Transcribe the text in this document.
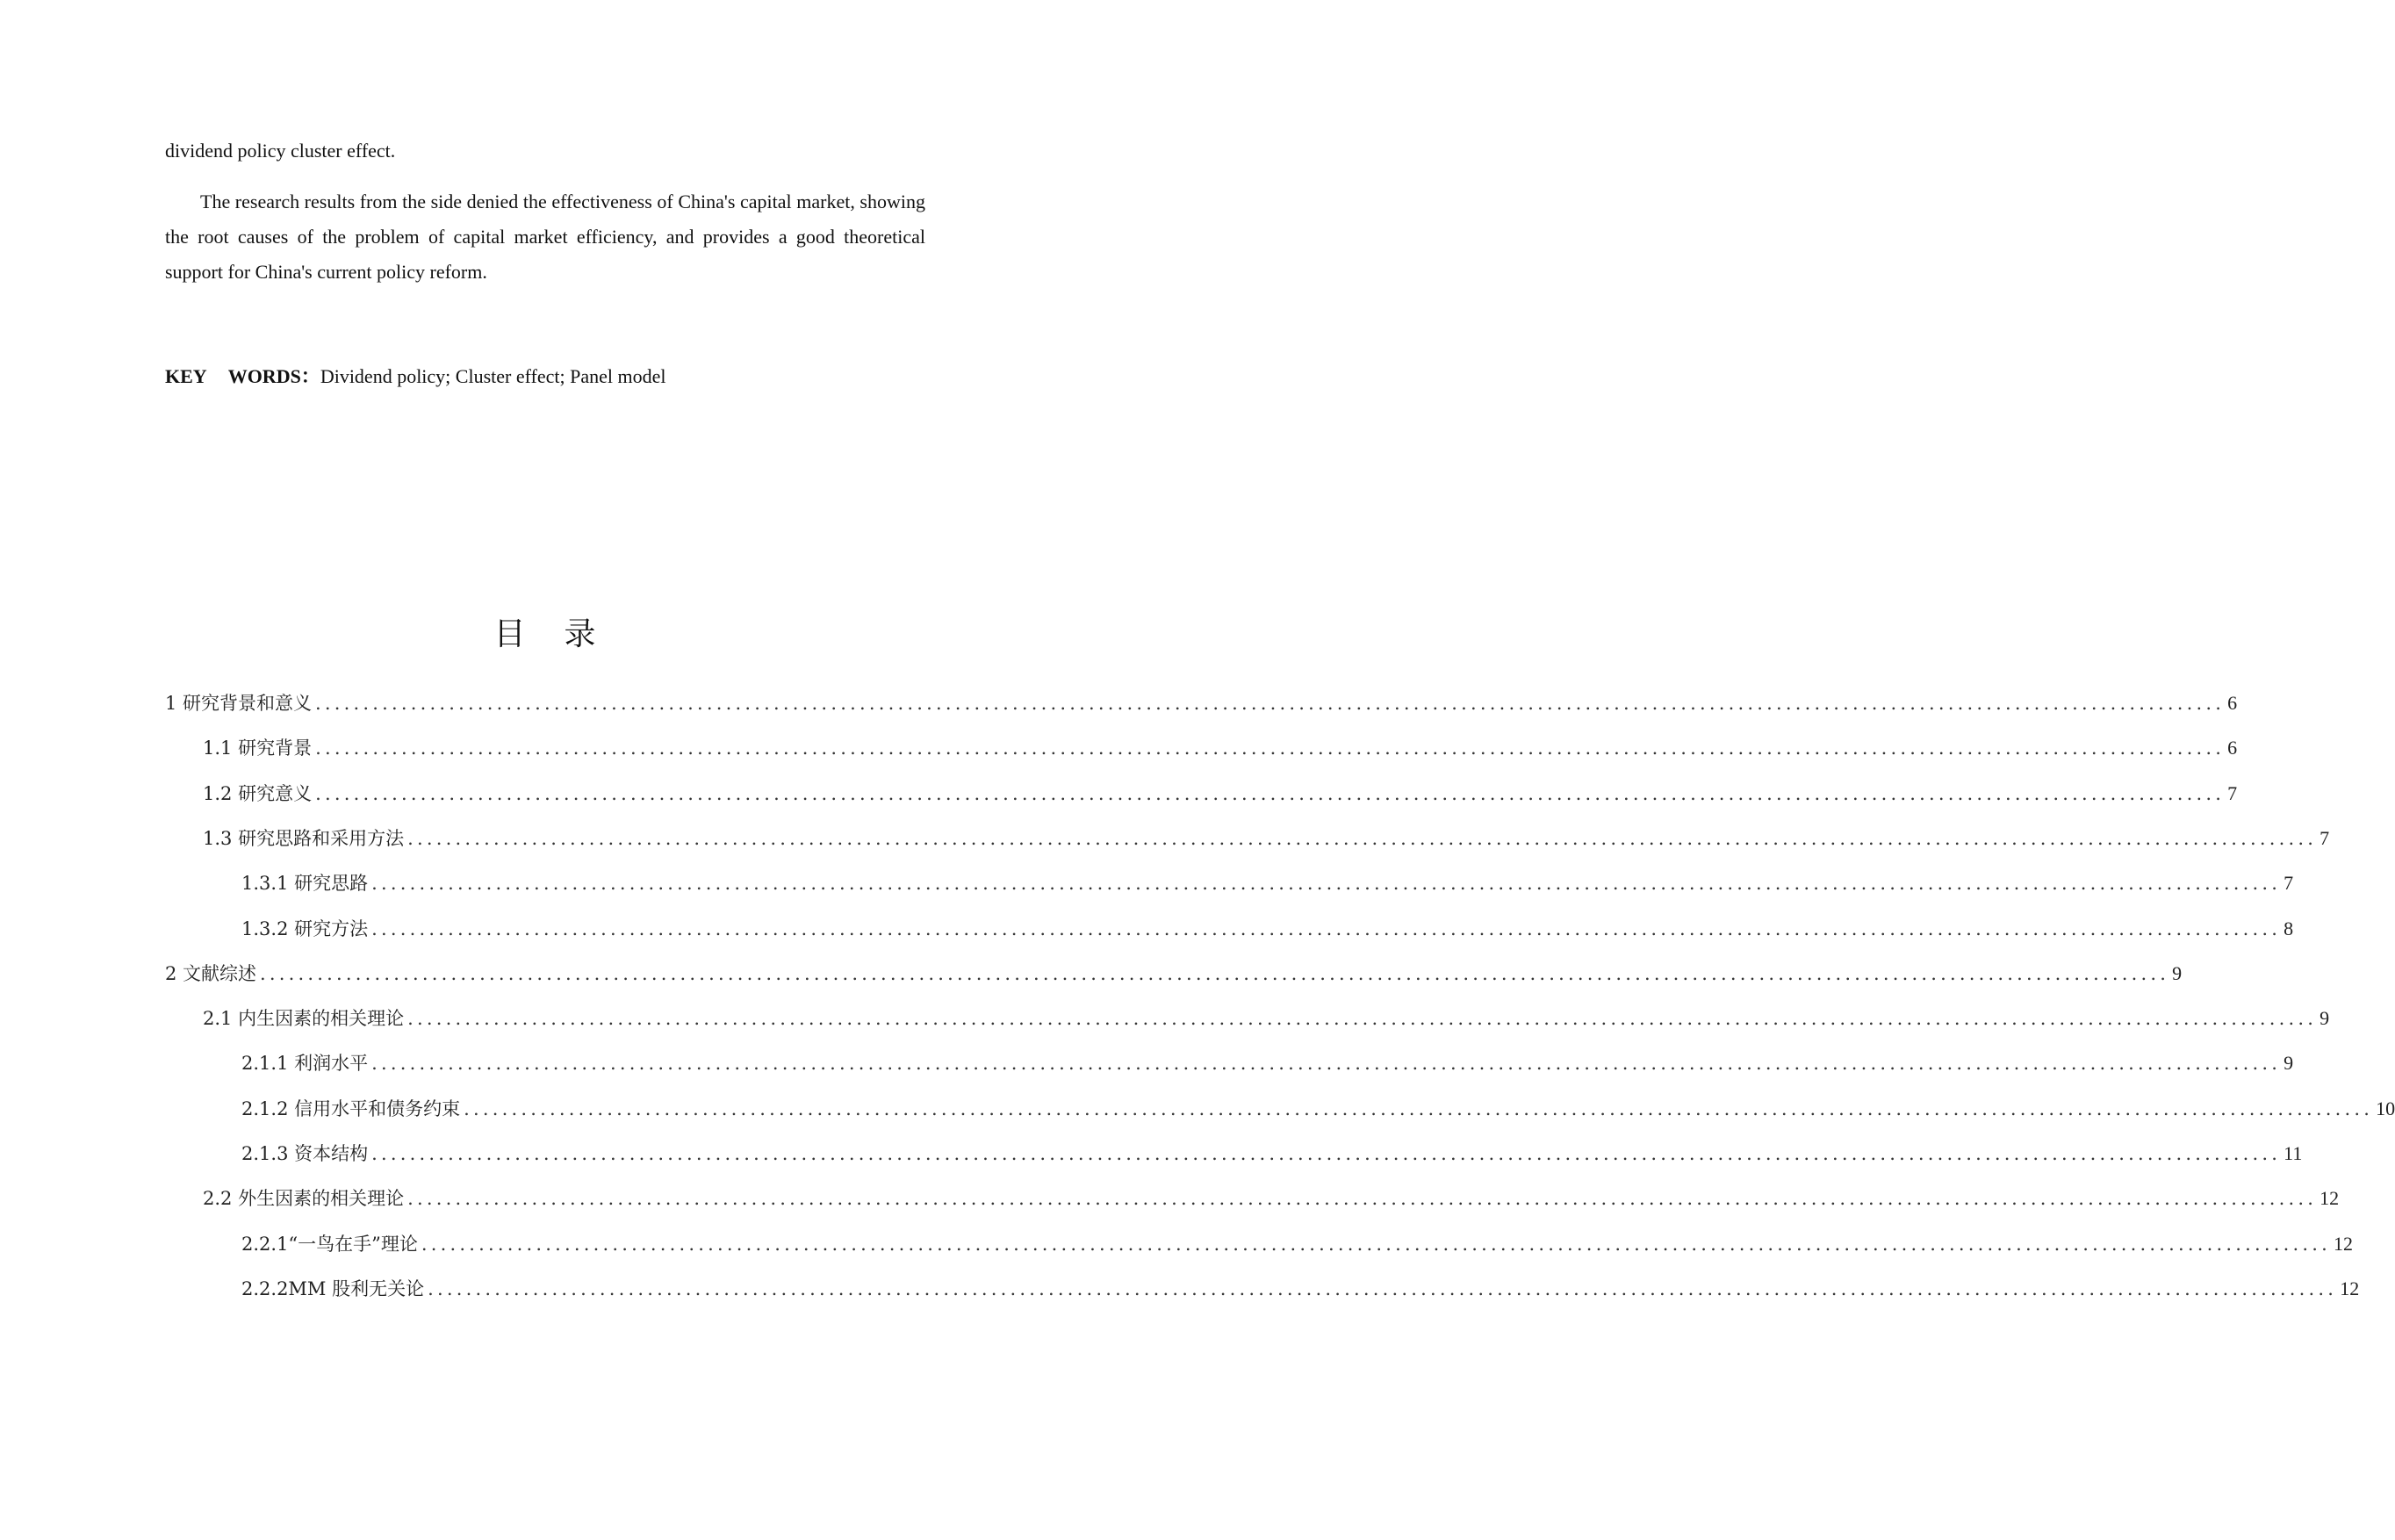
dividend policy cluster effect.

The research results from the side denied the effectiveness of China's capital market, showing the root causes of the problem of capital market efficiency, and provides a good theoretical support for China's current policy reform.

KEY WORDS：Dividend policy; Cluster effect; Panel model
目 录
1 研究背景和意义 ........................................................................................................................................................................................................ 6
1.1 研究背景 ........................................................................................................................................................................................................ 6
1.2 研究意义 ........................................................................................................................................................................................................ 7
1.3 研究思路和采用方法 ........................................................................................................................................................................................................ 7
1.3.1 研究思路 ........................................................................................................................................................................................................ 7
1.3.2 研究方法 ........................................................................................................................................................................................................ 8
2 文献综述 ........................................................................................................................................................................................................ 9
2.1 内生因素的相关理论 ........................................................................................................................................................................................................ 9
2.1.1 利润水平 ........................................................................................................................................................................................................ 9
2.1.2 信用水平和债务约束 ........................................................................................................................................................................................................ 10
2.1.3 资本结构 ........................................................................................................................................................................................................ 11
2.2 外生因素的相关理论 ........................................................................................................................................................................................................ 12
2.2.1“一鸟在手”理论 ........................................................................................................................................................................................................ 12
2.2.2MM 股利无关论 ........................................................................................................................................................................................................ 12
